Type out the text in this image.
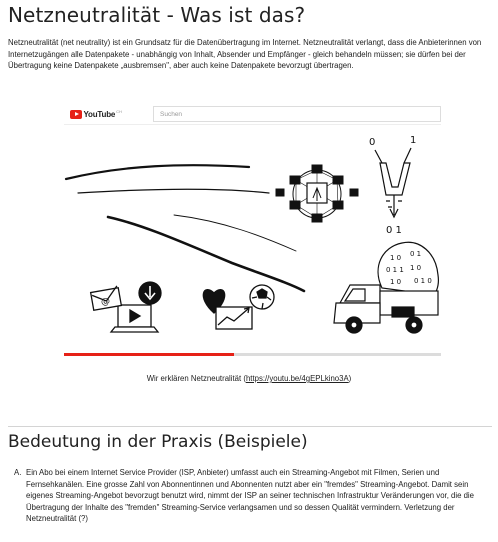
Netzneutralität - Was ist das?

Netzneutralität (net neutrality) ist ein Grundsatz für die Datenübertragung im Internet. Netzneutralität verlangt, dass die Anbieterinnen von Internetzugängen alle Datenpakete - unabhängig von Inhalt, Absender und Empfänger - gleich behandeln müssen; sie dürfen bei der Übertragung keine Datenpakete „ausbremsen", aber auch keine Datenpakete bevorzugt übertragen.

YouTube CH	Suchen
0	1
0 1
@
1 0 0 1
0 1 1 1 0
1 0 0 1 0

Wir erklären Netzneutralität (https://youtu.be/4gEPLkino3A)

Bedeutung in der Praxis (Beispiele)
A. Ein Abo bei einem Internet Service Provider (ISP, Anbieter) umfasst auch ein Streaming-Angebot mit Filmen, Serien und Fernsehkanälen. Eine grosse Zahl von Abonnentinnen und Abonnenten nutzt aber ein "fremdes" Streaming-Angebot. Damit sein eigenes Streaming-Angebot bevorzugt benutzt wird, nimmt der ISP an seiner technischen Infrastruktur Veränderungen vor, die die Übertragung der Inhalte des "fremden" Streaming-Service verlangsamen und so dessen Qualität vermindern. Verletzung der Netzneutralität (?)
